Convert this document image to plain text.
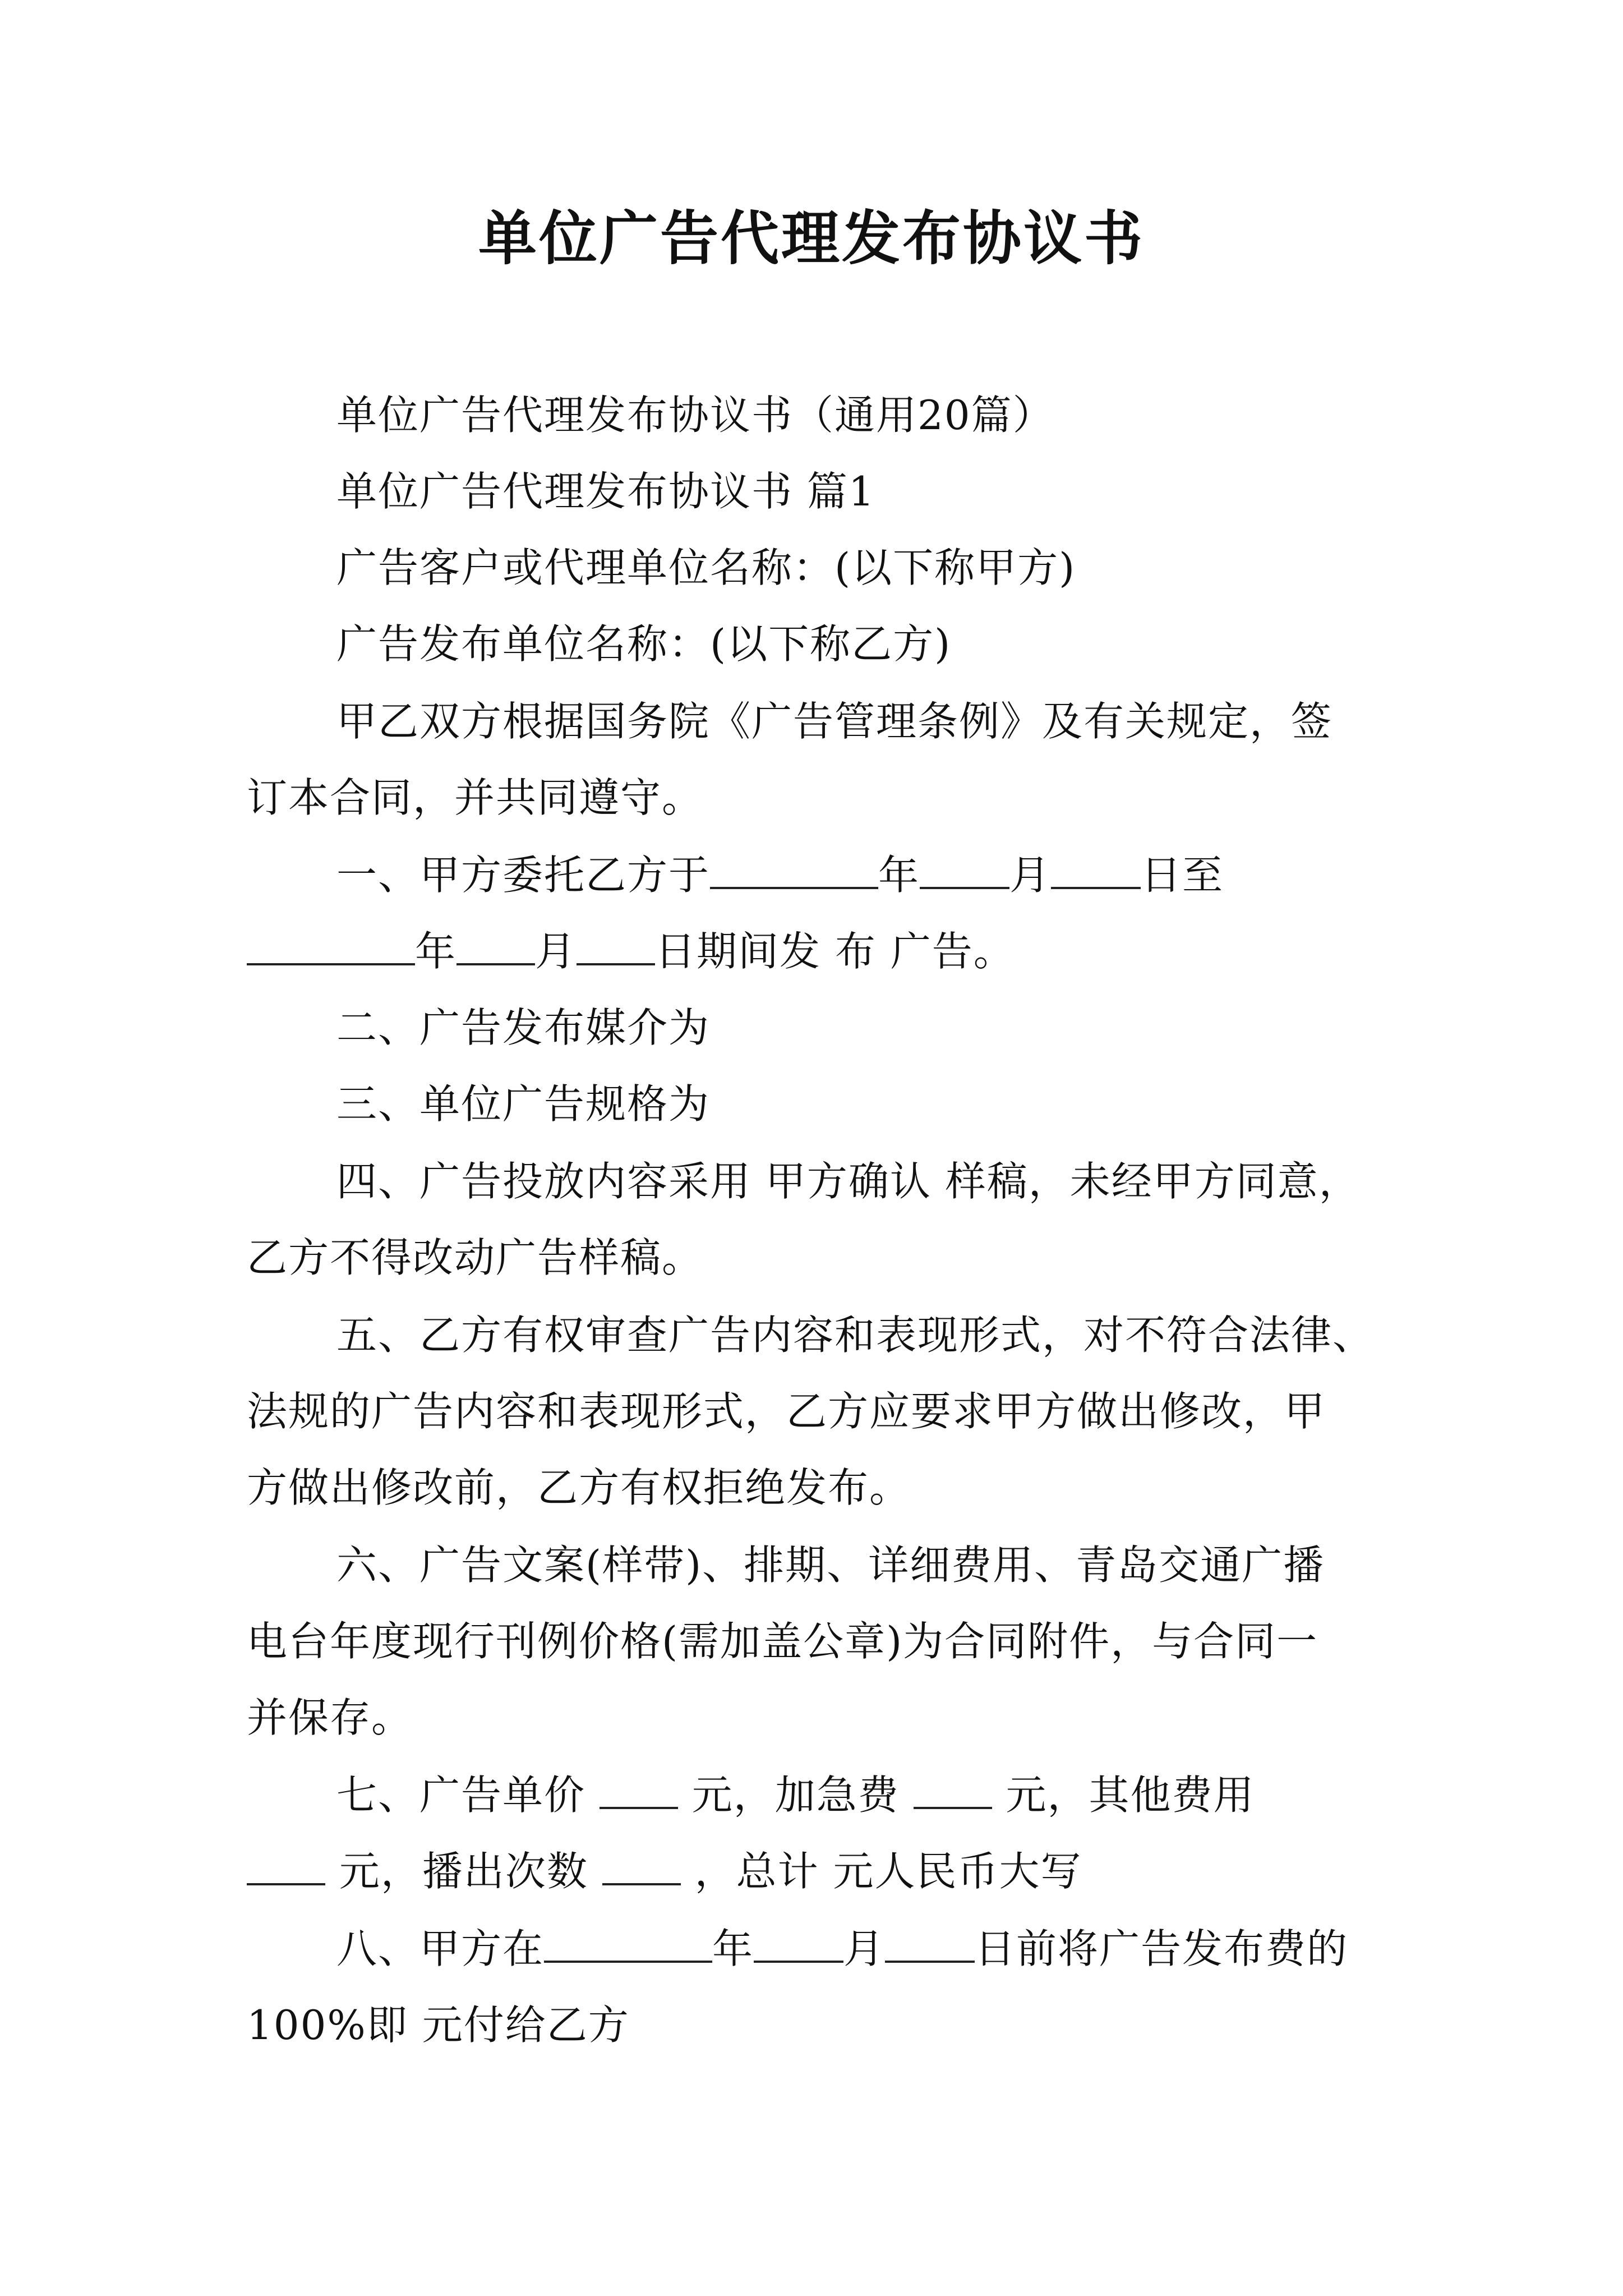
单位广告代理发布协议书
单位广告代理发布协议书（通用20篇）
单位广告代理发布协议书 篇1
广告客户或代理单位名称：(以下称甲方)
广告发布单位名称：(以下称乙方)
甲乙双方根据国务院《广告管理条例》及有关规定，签
订本合同，并共同遵守。
一、甲方委托乙方于	年 月 日至
年 月 日期间发 布 广告。
二、广告发布媒介为
三、单位广告规格为
四、广告投放内容采用 甲方确认 样稿，未经甲方同意，
乙方不得改动广告样稿。
五、乙方有权审查广告内容和表现形式，对不符合法律、
法规的广告内容和表现形式，乙方应要求甲方做出修改，甲
方做出修改前，乙方有权拒绝发布。
六、广告文案(样带)、排期、详细费用、青岛交通广播
电台年度现行刊例价格(需加盖公章)为合同附件，与合同一
并保存。
七、广告单价  元，加急费  元，其他费用
元，播出次数  ，总计 元人民币大写
八、甲方在	年 月 日前将广告发布费的
100%即 元付给乙方
